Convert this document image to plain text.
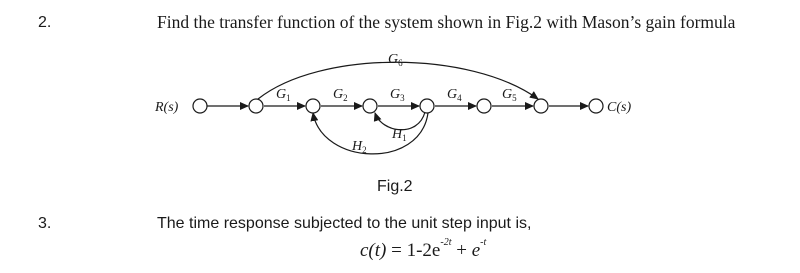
2.	Find the transfer function of the system shown in Fig.2 with Mason’s gain formula
R(s)	C(s)
$G_1$	$G_2$	$G_3$	$G_4$	$G_5$
$G_6$
$H_1$
$H_2$
Fig.2
3.	The time response subjected to the unit step input is,
$c(t) = 1-2e^{-2t} + e^{-t}$
